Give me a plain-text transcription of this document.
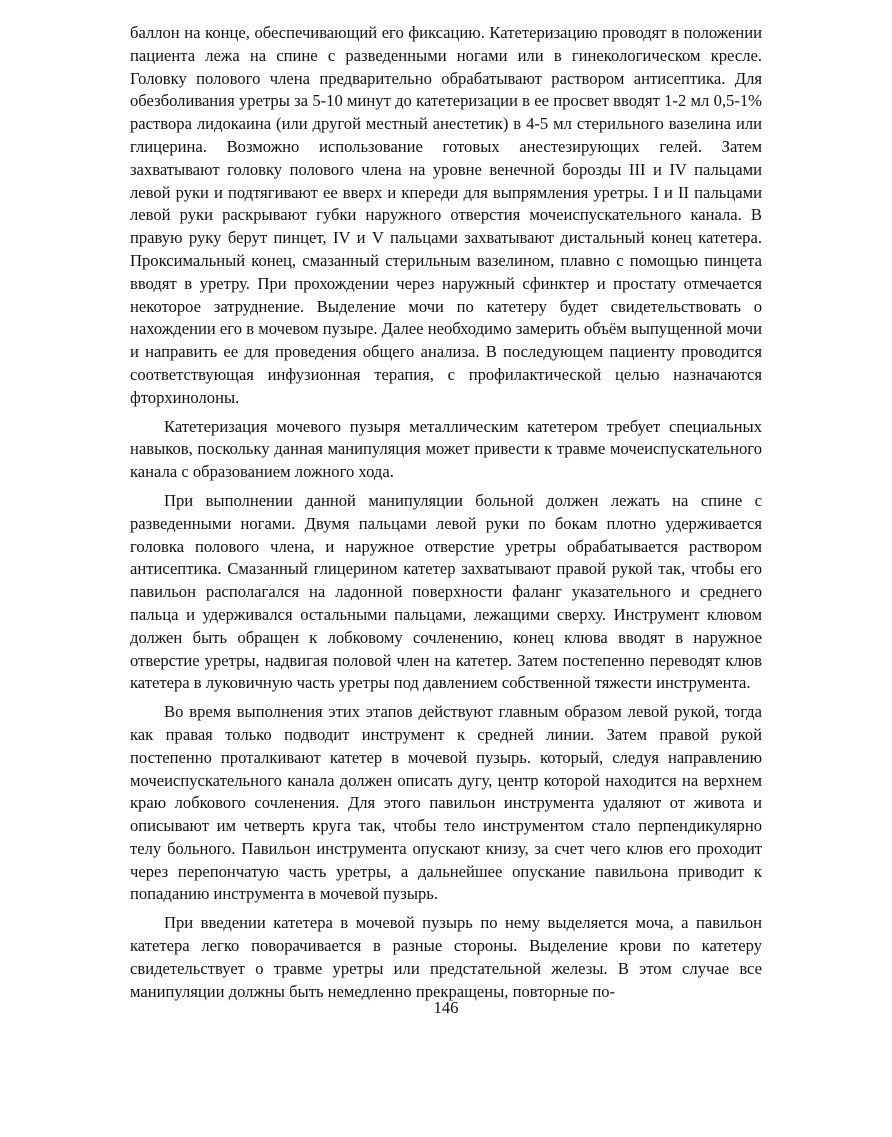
баллон на конце, обеспечивающий его фиксацию. Катетеризацию проводят в положении пациента лежа на спине с разведенными ногами или в гинекологическом кресле. Головку полового члена предварительно обрабатывают раствором антисептика. Для обезболивания уретры за 5-10 минут до катетеризации в ее просвет вводят 1-2 мл 0,5-1% раствора лидокаина (или другой местный анестетик) в 4-5 мл стерильного вазелина или глицерина. Возможно использование готовых анестезирующих гелей. Затем захватывают головку полового члена на уровне венечной борозды III и IV пальцами левой руки и подтягивают ее вверх и кпереди для выпрямления уретры. I и II пальцами левой руки раскрывают губки наружного отверстия мочеиспускательного канала. В правую руку берут пинцет, IV и V пальцами захватывают дистальный конец катетера. Проксимальный конец, смазанный стерильным вазелином, плавно с помощью пинцета вводят в уретру. При прохождении через наружный сфинктер и простату отмечается некоторое затруднение. Выделение мочи по катетеру будет свидетельствовать о нахождении его в мочевом пузыре. Далее необходимо замерить объём выпущенной мочи и направить ее для проведения общего анализа. В последующем пациенту проводится соответствующая инфузионная терапия, с профилактической целью назначаются фторхинолоны.

Катетеризация мочевого пузыря металлическим катетером требует специальных навыков, поскольку данная манипуляция может привести к травме мочеиспускательного канала с образованием ложного хода.

При выполнении данной манипуляции больной должен лежать на спине с разведенными ногами. Двумя пальцами левой руки по бокам плотно удерживается головка полового члена, и наружное отверстие уретры обрабатывается раствором антисептика. Смазанный глицерином катетер захватывают правой рукой так, чтобы его павильон располагался на ладонной поверхности фаланг указательного и среднего пальца и удерживался остальными пальцами, лежащими сверху. Инструмент клювом должен быть обращен к лобковому сочленению, конец клюва вводят в наружное отверстие уретры, надвигая половой член на катетер. Затем постепенно переводят клюв катетера в луковичную часть уретры под давлением собственной тяжести инструмента.

Во время выполнения этих этапов действуют главным образом левой рукой, тогда как правая только подводит инструмент к средней линии. Затем правой рукой постепенно проталкивают катетер в мочевой пузырь. который, следуя направлению мочеиспускательного канала должен описать дугу, центр которой находится на верхнем краю лобкового сочленения. Для этого павильон инструмента удаляют от живота и описывают им четверть круга так, чтобы тело инструментом стало перпендикулярно телу больного. Павильон инструмента опускают книзу, за счет чего клюв его проходит через перепончатую часть уретры, а дальнейшее опускание павильона приводит к попаданию инструмента в мочевой пузырь.

При введении катетера в мочевой пузырь по нему выделяется моча, а павильон катетера легко поворачивается в разные стороны. Выделение крови по катетеру свидетельствует о травме уретры или предстательной железы. В этом случае все манипуляции должны быть немедленно прекращены, повторные по-

146
